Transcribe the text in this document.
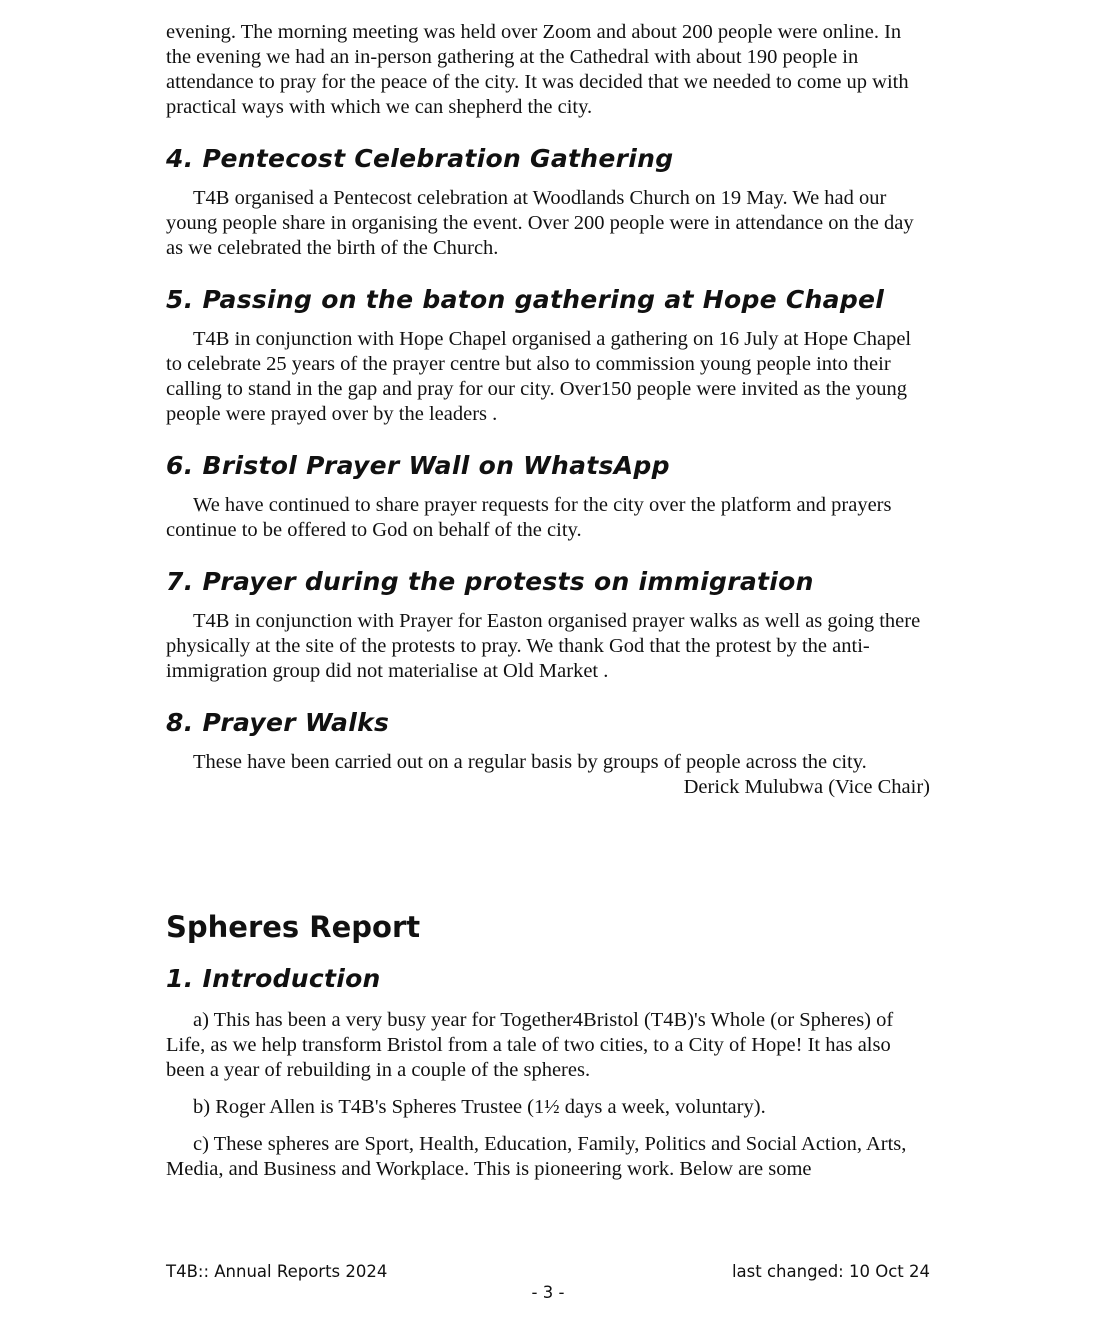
evening. The morning meeting was held over Zoom and about 200 people were online. In the evening we had an in-person gathering at the Cathedral with about 190 people in attendance to pray for the peace of the city. It was decided that we needed to come up with practical ways with which we can shepherd the city.

4. Pentecost Celebration Gathering

T4B organised a Pentecost celebration at Woodlands Church on 19 May. We had our young people share in organising the event. Over 200 people were in attendance on the day as we celebrated the birth of the Church.

5. Passing on the baton gathering at Hope Chapel

T4B in conjunction with Hope Chapel organised a gathering on 16 July at Hope Chapel to celebrate 25 years of the prayer centre but also to commission young people into their calling to stand in the gap and pray for our city. Over150 people were invited as the young people were prayed over by the leaders .

6. Bristol Prayer Wall on WhatsApp

We have continued to share prayer requests for the city over the platform and prayers continue to be offered to God on behalf of the city.

7. Prayer during the protests on immigration

T4B in conjunction with Prayer for Easton organised prayer walks as well as going there physically at the site of the protests to pray. We thank God that the protest by the anti-immigration group did not materialise at Old Market .

8. Prayer Walks

These have been carried out on a regular basis by groups of people across the city.

Derick Mulubwa (Vice Chair)

Spheres Report
1. Introduction

a) This has been a very busy year for Together4Bristol (T4B)'s Whole (or Spheres) of Life, as we help transform Bristol from a tale of two cities, to a City of Hope! It has also been a year of rebuilding in a couple of the spheres.

b) Roger Allen is T4B's Spheres Trustee (1½ days a week, voluntary).

c) These spheres are Sport, Health, Education, Family, Politics and Social Action, Arts, Media, and Business and Workplace. This is pioneering work. Below are some

T4B:: Annual Reports 2024	last changed: 10 Oct 24
- 3 -
